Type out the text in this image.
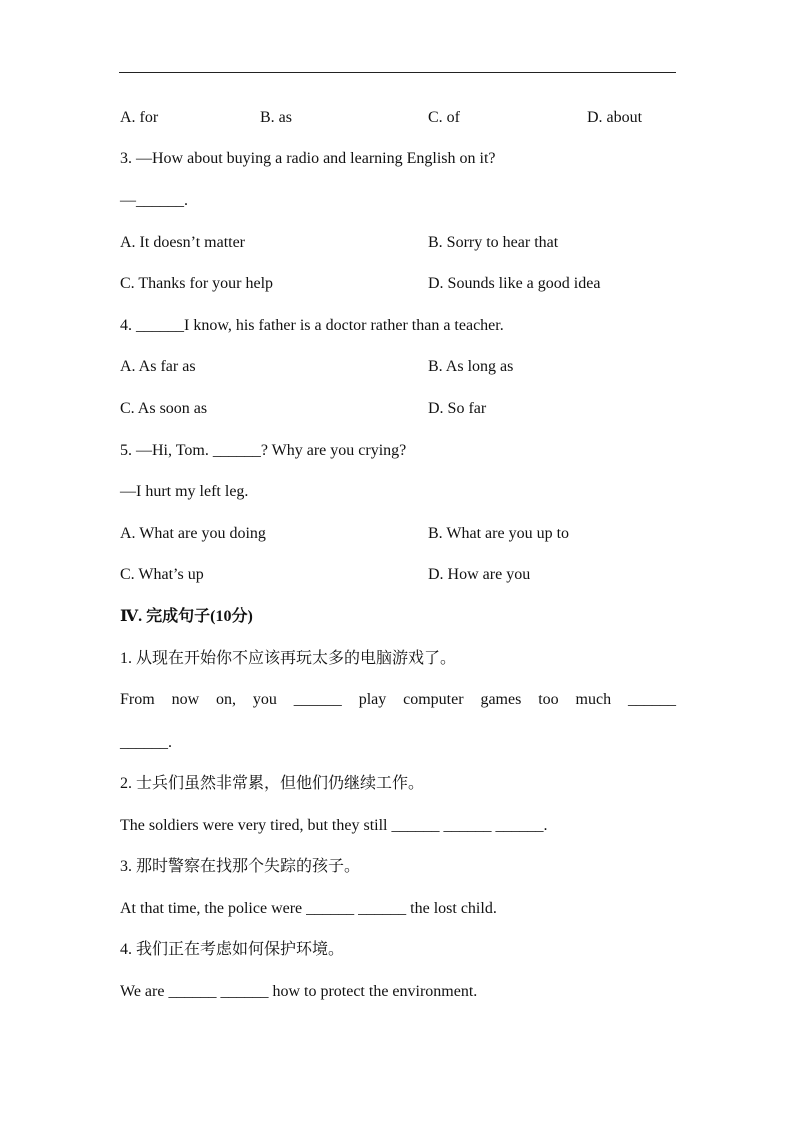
A. for	B. as	C. of	D. about
3. —How about buying a radio and learning English on it?
—______.
A. It doesn’t matter	B. Sorry to hear that
C. Thanks for your help	D. Sounds like a good idea
4. ______I know, his father is a doctor rather than a teacher.
A. As far as	B. As long as
C. As soon as	D. So far
5. —Hi, Tom. ______? Why are you crying?
—I hurt my left leg.
A. What are you doing	B. What are you up to
C. What’s up	D. How are you
Ⅳ. 完成句子(10分)
1. 从现在开始你不应该再玩太多的电脑游戏了。
From now on, you ______ play computer games too much ______
______.
2. 士兵们虽然非常累，但他们仍继续工作。
The soldiers were very tired, but they still ______ ______ ______.
3. 那时警察在找那个失踪的孩子。
At that time, the police were ______ ______ the lost child.
4. 我们正在考虑如何保护环境。
We are ______ ______ how to protect the environment.
